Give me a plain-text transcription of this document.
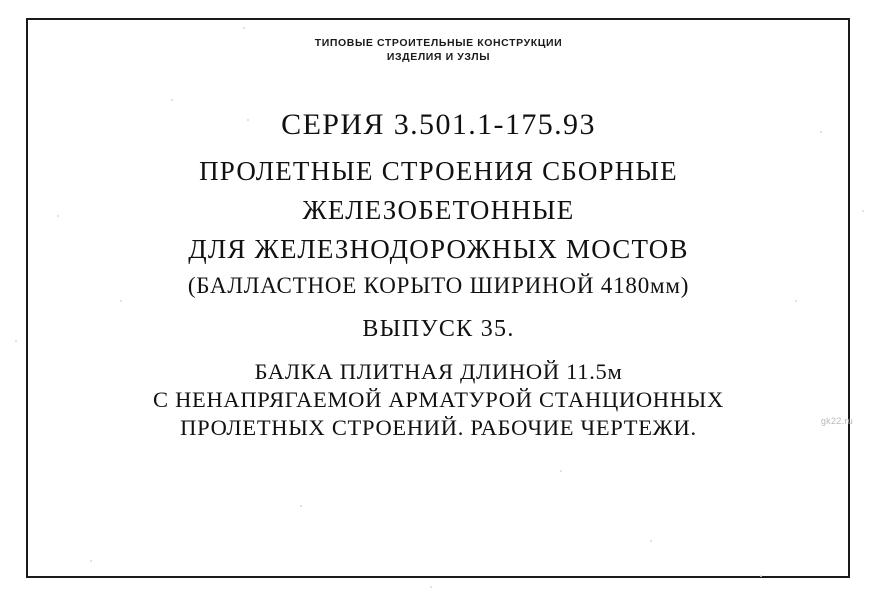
ТИПОВЫЕ СТРОИТЕЛЬНЫЕ КОНСТРУКЦИИ
ИЗДЕЛИЯ И УЗЛЫ
СЕРИЯ 3.501.1-175.93
ПРОЛЕТНЫЕ СТРОЕНИЯ СБОРНЫЕ
ЖЕЛЕЗОБЕТОННЫЕ
ДЛЯ ЖЕЛЕЗНОДОРОЖНЫХ МОСТОВ
(БАЛЛАСТНОЕ КОРЫТО ШИРИНОЙ 4180мм)
ВЫПУСК 35.
БАЛКА ПЛИТНАЯ ДЛИНОЙ 11.5м
С НЕНАПРЯГАЕМОЙ АРМАТУРОЙ СТАНЦИОННЫХ
ПРОЛЕТНЫХ СТРОЕНИЙ. РАБОЧИЕ ЧЕРТЕЖИ.	gk22.ru
